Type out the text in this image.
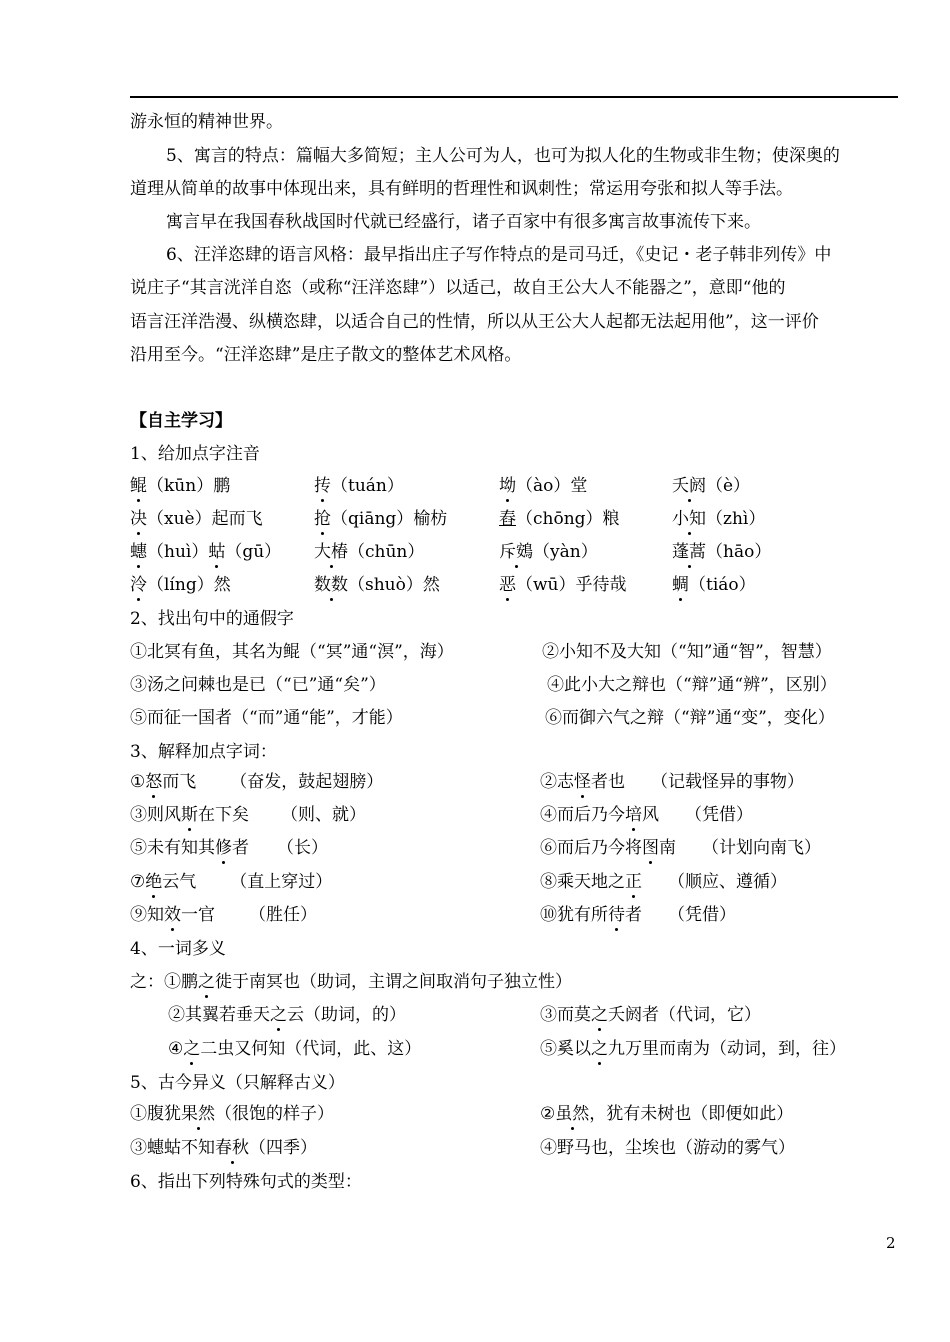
游永恒的精神世界。
5、寓言的特点：篇幅大多简短；主人公可为人，也可为拟人化的生物或非生物；使深奥的
道理从简单的故事中体现出来，具有鲜明的哲理性和讽刺性；常运用夸张和拟人等手法。
寓言早在我国春秋战国时代就已经盛行，诸子百家中有很多寓言故事流传下来。
6、汪洋恣肆的语言风格：最早指出庄子写作特点的是司马迁，《史记・老子韩非列传》中
说庄子“其言洸洋自恣（或称“汪洋恣肆”）以适己，故自王公大人不能器之”，意即“他的
语言汪洋浩漫、纵横恣肆，以适合自己的性情，所以从王公大人起都无法起用他”，这一评价
沿用至今。“汪洋恣肆”是庄子散文的整体艺术风格。
【自主学习】
1、给加点字注音
鲲（kūn）鹏	抟（tuán）	坳（ào）堂	夭阏（è）
决（xuè）起而飞	抢（qiāng）榆枋	舂（chōng）粮	小知（zhì）
蟪（huì）蛄（gū） 大椿（chūn）	斥鴳（yàn）	蓬蒿（hāo）
泠（líng）然	数数（shuò）然	恶（wū）乎待哉	蜩（tiáo）
2、找出句中的通假字
①北冥有鱼，其名为鲲（“冥”通“溟”，海）	②小知不及大知（“知”通“智”，智慧）
③汤之问棘也是已（“已”通“矣”）	④此小大之辩也（“辩”通“辨”，区别）
⑤而征一国者（“而”通“能”，才能）	⑥而御六气之辩（“辩”通“变”，变化）
3、解释加点字词：
①怒而飞 （奋发，鼓起翅膀）	②志怪者也 （记载怪异的事物）
③则风斯在下矣 （则、就）	④而后乃今培风 （凭借）
⑤未有知其修者 （长）	⑥而后乃今将图南 （计划向南飞）
⑦绝云气 （直上穿过）	⑧乘天地之正 （顺应、遵循）
⑨知效一官 （胜任）	⑩犹有所待者 （凭借）
4、一词多义
之：①鹏之徙于南冥也（助词，主谓之间取消句子独立性）
②其翼若垂天之云（助词，的）	③而莫之夭阏者（代词，它）
④之二虫又何知（代词，此、这）	⑤奚以之九万里而南为（动词，到，往）
5、古今异义（只解释古义）
①腹犹果然（很饱的样子）	②虽然，犹有未树也（即便如此）
③蟪蛄不知春秋（四季）	④野马也，尘埃也（游动的雾气）
6、指出下列特殊句式的类型：
2
